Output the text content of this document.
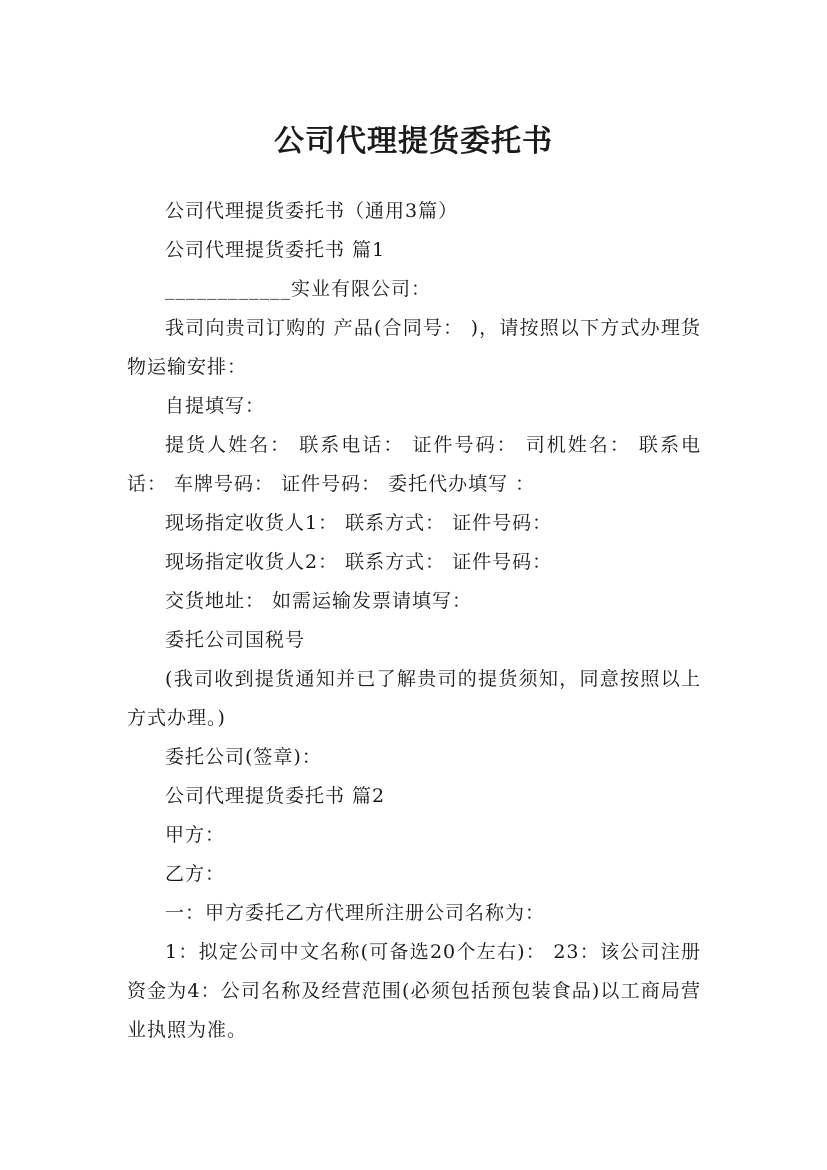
公司代理提货委托书

公司代理提货委托书（通用3篇）

公司代理提货委托书 篇1

____________实业有限公司：

我司向贵司订购的 产品(合同号： )，请按照以下方式办理货物运输安排：

自提填写：

提货人姓名： 联系电话： 证件号码： 司机姓名： 联系电话： 车牌号码： 证件号码： 委托代办填写 ：

现场指定收货人1： 联系方式： 证件号码：

现场指定收货人2： 联系方式： 证件号码：

交货地址： 如需运输发票请填写：

委托公司国税号

(我司收到提货通知并已了解贵司的提货须知，同意按照以上方式办理。)

委托公司(签章)：

公司代理提货委托书 篇2

甲方：

乙方：

一：甲方委托乙方代理所注册公司名称为：

1：拟定公司中文名称(可备选20个左右)： 23：该公司注册资金为4：公司名称及经营范围(必须包括预包装食品)以工商局营业执照为准。
